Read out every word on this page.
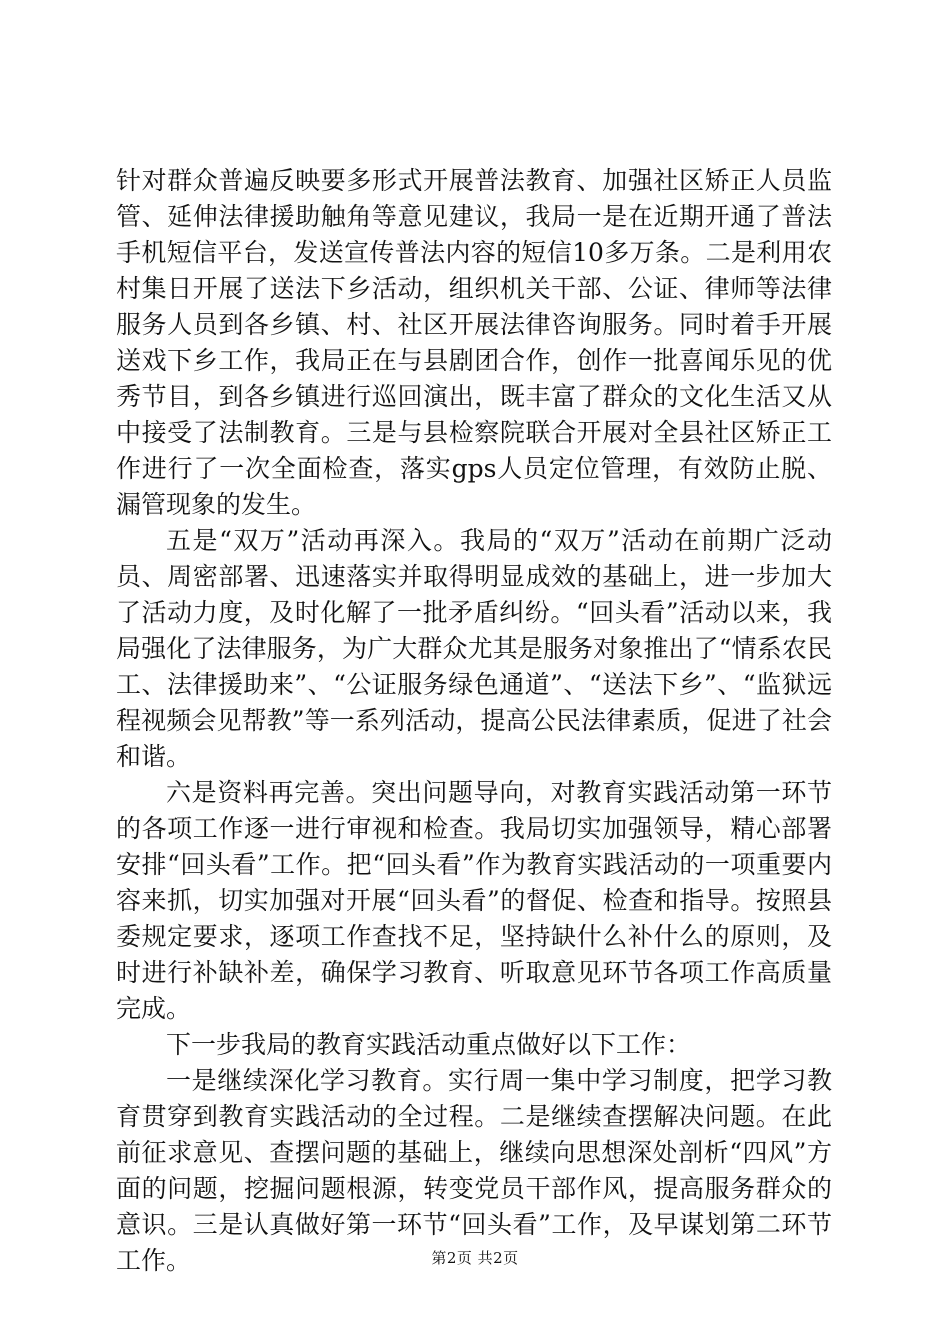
针对群众普遍反映要多形式开展普法教育、加强社区矫正人员监管、延伸法律援助触角等意见建议，我局一是在近期开通了普法手机短信平台，发送宣传普法内容的短信10多万条。二是利用农村集日开展了送法下乡活动，组织机关干部、公证、律师等法律服务人员到各乡镇、村、社区开展法律咨询服务。同时着手开展送戏下乡工作，我局正在与县剧团合作，创作一批喜闻乐见的优秀节目，到各乡镇进行巡回演出，既丰富了群众的文化生活又从中接受了法制教育。三是与县检察院联合开展对全县社区矫正工作进行了一次全面检查，落实gps人员定位管理，有效防止脱、漏管现象的发生。

五是“双万”活动再深入。我局的“双万”活动在前期广泛动员、周密部署、迅速落实并取得明显成效的基础上，进一步加大了活动力度，及时化解了一批矛盾纠纷。“回头看”活动以来，我局强化了法律服务，为广大群众尤其是服务对象推出了“情系农民工、法律援助来”、“公证服务绿色通道”、“送法下乡”、“监狱远程视频会见帮教”等一系列活动，提高公民法律素质，促进了社会和谐。

六是资料再完善。突出问题导向，对教育实践活动第一环节的各项工作逐一进行审视和检查。我局切实加强领导，精心部署安排“回头看”工作。把“回头看”作为教育实践活动的一项重要内容来抓，切实加强对开展“回头看”的督促、检查和指导。按照县委规定要求，逐项工作查找不足，坚持缺什么补什么的原则，及时进行补缺补差，确保学习教育、听取意见环节各项工作高质量完成。

下一步我局的教育实践活动重点做好以下工作：

一是继续深化学习教育。实行周一集中学习制度，把学习教育贯穿到教育实践活动的全过程。二是继续查摆解决问题。在此前征求意见、查摆问题的基础上，继续向思想深处剖析“四风”方面的问题，挖掘问题根源，转变党员干部作风，提高服务群众的意识。三是认真做好第一环节“回头看”工作，及早谋划第二环节工作。	第2页 共2页
